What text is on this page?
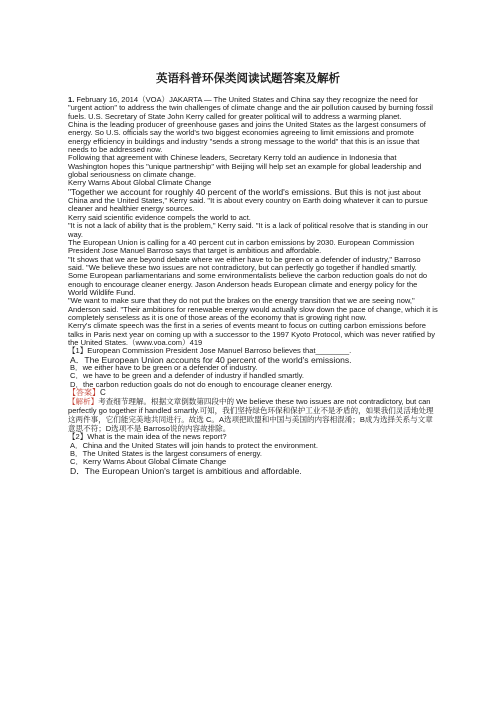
英语科普环保类阅读试题答案及解析

1. February 16, 2014（VOA）JAKARTA — The United States and China say they recognize the need for "urgent action" to address the twin challenges of climate change and the air pollution caused by burning fossil fuels. U.S. Secretary of State John Kerry called for greater political will to address a warming planet.

China is the leading producer of greenhouse gases and joins the United States as the largest consumers of energy. So U.S. officials say the world's two biggest economies agreeing to limit emissions and promote energy efficiency in buildings and industry "sends a strong message to the world" that this is an issue that needs to be addressed now.

Following that agreement with Chinese leaders, Secretary Kerry told an audience in Indonesia that Washington hopes this "unique partnership" with Beijing will help set an example for global leadership and global seriousness on climate change.

Kerry Warns About Global Climate Change

"Together we account for roughly 40 percent of the world's emissions. But this is not just about China and the United States," Kerry said. "It is about every country on Earth doing whatever it can to pursue cleaner and healthier energy sources.

Kerry said scientific evidence compels the world to act.

"It is not a lack of ability that is the problem," Kerry said. "It is a lack of political resolve that is standing in our way.

The European Union is calling for a 40 percent cut in carbon emissions by 2030. European Commission President Jose Manuel Barroso says that target is ambitious and affordable.

"It shows that we are beyond debate where we either have to be green or a defender of industry," Barroso said. "We believe these two issues are not contradictory, but can perfectly go together if handled smartly.

Some European parliamentarians and some environmentalists believe the carbon reduction goals do not do enough to encourage cleaner energy. Jason Anderson heads European climate and energy policy for the World Wildlife Fund.

"We want to make sure that they do not put the brakes on the energy transition that we are seeing now," Anderson said. "Their ambitions for renewable energy would actually slow down the pace of change, which it is completely senseless as it is one of those areas of the economy that is growing right now.

Kerry's climate speech was the first in a series of events meant to focus on cutting carbon emissions before talks in Paris next year on coming up with a successor to the 1997 Kyoto Protocol, which was never ratified by the United States.（www.voa.com）419

【1】European Commission President Jose Manuel Barroso believes that________.

A．The European Union accounts for 40 percent of the world's emissions.

B．we either have to be green or a defender of industry.

C．we have to be green and a defender of industry if handled smartly.

D．the carbon reduction goals do not do enough to encourage cleaner energy.

【答案】C

【解析】考查细节理解。根据文章倒数第四段中的 We believe these two issues are not contradictory, but can perfectly go together if handled smartly.可知，我们坚持绿色环保和保护工业不是矛盾的，如果我们灵活地处理这两件事，它们能完美地共同进行。故选 C。A选项把欧盟和中国与美国的内容相混淆；B成为选择关系与文章意思不符；D选项不是 Barroso说的内容故排除。

【2】What is the main idea of the news report?

A．China and the United States will join hands to protect the environment.

B．The United States is the largest consumers of energy.

C．Kerry Warns About Global Climate Change

D．The European Union's target is ambitious and affordable.
